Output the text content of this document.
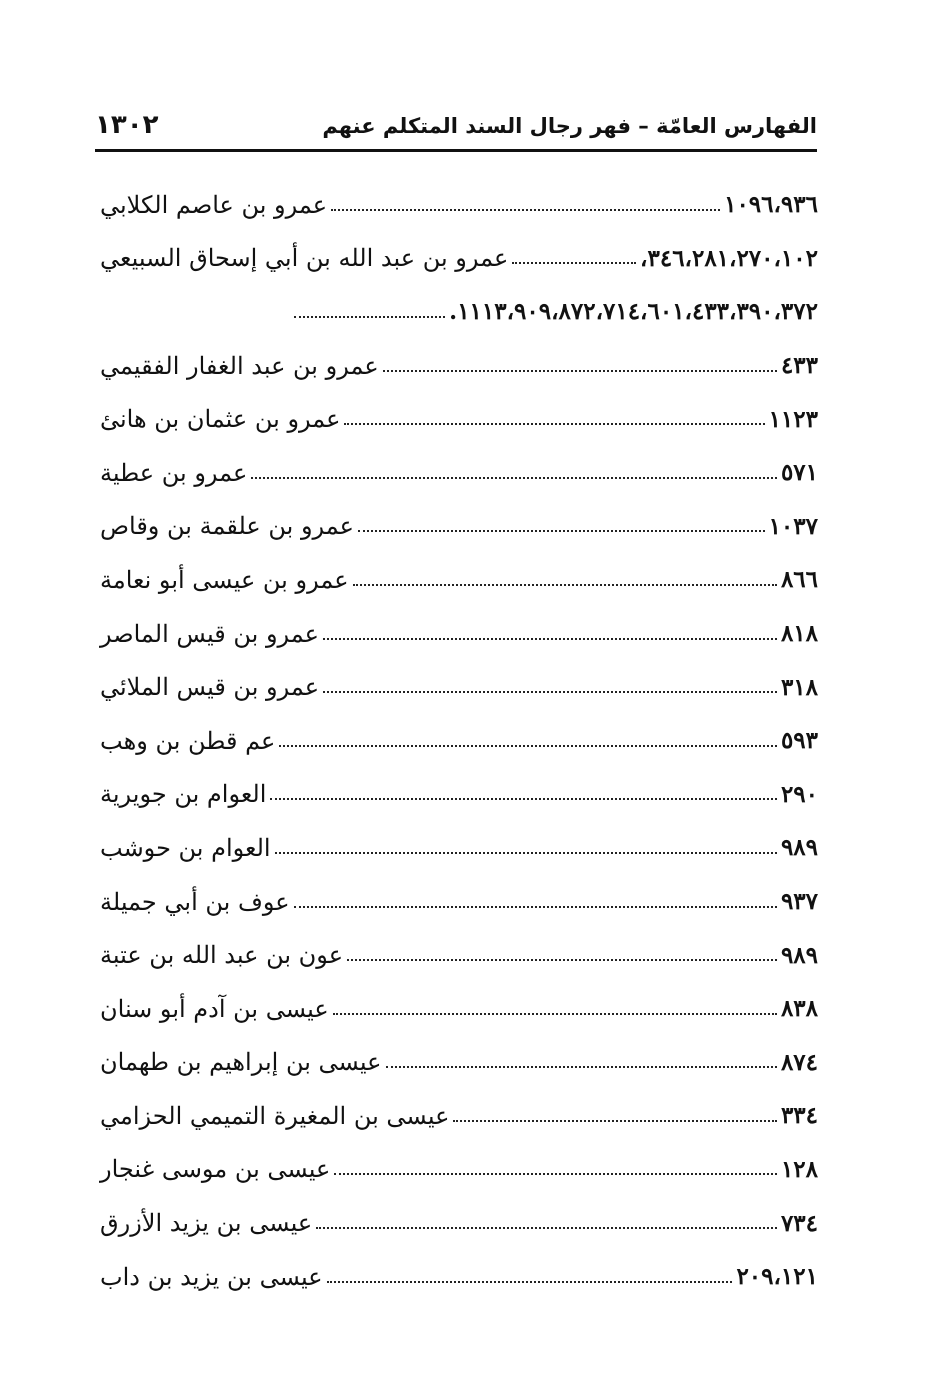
الفهارس العامّة – فهر رجال السند المتكلم عنهم
١٣٠٢
عمرو بن عاصم الكلابي	١٠٩٦،٩٣٦
عمرو بن عبد الله بن أبي إسحاق السبيعي	٣٤٦،٢٨١،٢٧٠،١٠٢،
١١١٣،٩٠٩،٨٧٢،٧١٤،٦٠١،٤٣٣،٣٩٠،٣٧٢.
عمرو بن عبد الغفار الفقيمي	٤٣٣
عمرو بن عثمان بن هانئ	١١٢٣
عمرو بن عطية	٥٧١
عمرو بن علقمة بن وقاص	١٠٣٧
عمرو بن عيسى أبو نعامة	٨٦٦
عمرو بن قيس الماصر	٨١٨
عمرو بن قيس الملائي	٣١٨
عم قطن بن وهب	٥٩٣
العوام بن جويرية	٢٩٠
العوام بن حوشب	٩٨٩
عوف بن أبي جميلة	٩٣٧
عون بن عبد الله بن عتبة	٩٨٩
عيسى بن آدم أبو سنان	٨٣٨
عيسى بن إبراهيم بن طهمان	٨٧٤
عيسى بن المغيرة التميمي الحزامي	٣٣٤
عيسى بن موسى غنجار	١٢٨
عيسى بن يزيد الأزرق	٧٣٤
عيسى بن يزيد بن داب	٢٠٩،١٢١
